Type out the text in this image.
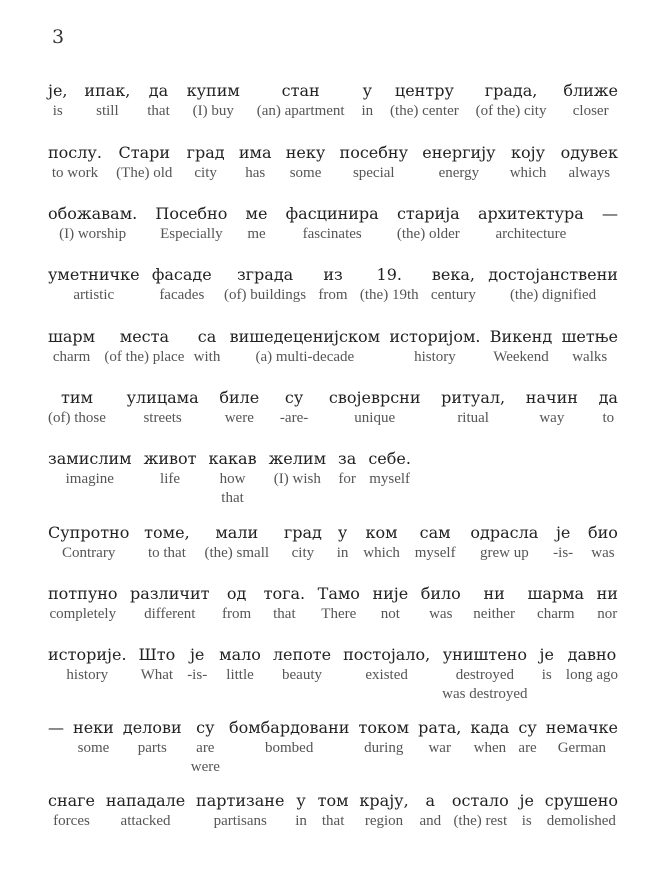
3
је,
is
ипак,
still
да
that
купим
(I) buy
стан
(an) apartment
у
in
центру
(the) center
града,
(of the) city
ближе
closer
послу.
to work
Стари
(The) old
град
city
има
has
неку
some
посебну
special
енергију
energy
коју
which
одувек
always
обожавам.
(I) worship
Посебно
Especially
ме
me
фасцинира
fascinates
старија
(the) older
архитектура
architecture
—
уметничке
artistic
фасаде
facades
зграда
(of) buildings
из
from
19.
(the) 19th
века,
century
достојанствени
(the) dignified
шарм
charm
места
(of the) place
са
with
вишедеценијском
(a) multi-decade
историјом.
history
Викенд
Weekend
шетње
walks
тим
(of) those
улицама
streets
биле
were
су
-are-
својеврсни
unique
ритуал,
ritual
начин
way
да
to
замислим
imagine
живот
life
какав
how
that
желим
(I) wish
за
for
себе.
myself
Супротно
Contrary
томе,
to that
мали
(the) small
град
city
у
in
ком
which
сам
myself
одрасла
grew up
је
-is-
био
was
потпуно
completely
различит
different
од
from
тога.
that
Тамо
There
није
not
било
was
ни
neither
шарма
charm
ни
nor
историје.
history
Што
What
је
-is-
мало
little
лепоте
beauty
постојало,
existed
уништено
destroyed
was destroyed
је
is
давно
long ago
— неки
some
делови
parts
су
are
were
бомбардовани
bombed
током
during
рата,
war
када
when
су
are
немачке
German
снаге
forces
нападале
attacked
партизане
partisans
у
in
том
that
крају,
region
а
and
остало
(the) rest
је
is
срушено
demolished
